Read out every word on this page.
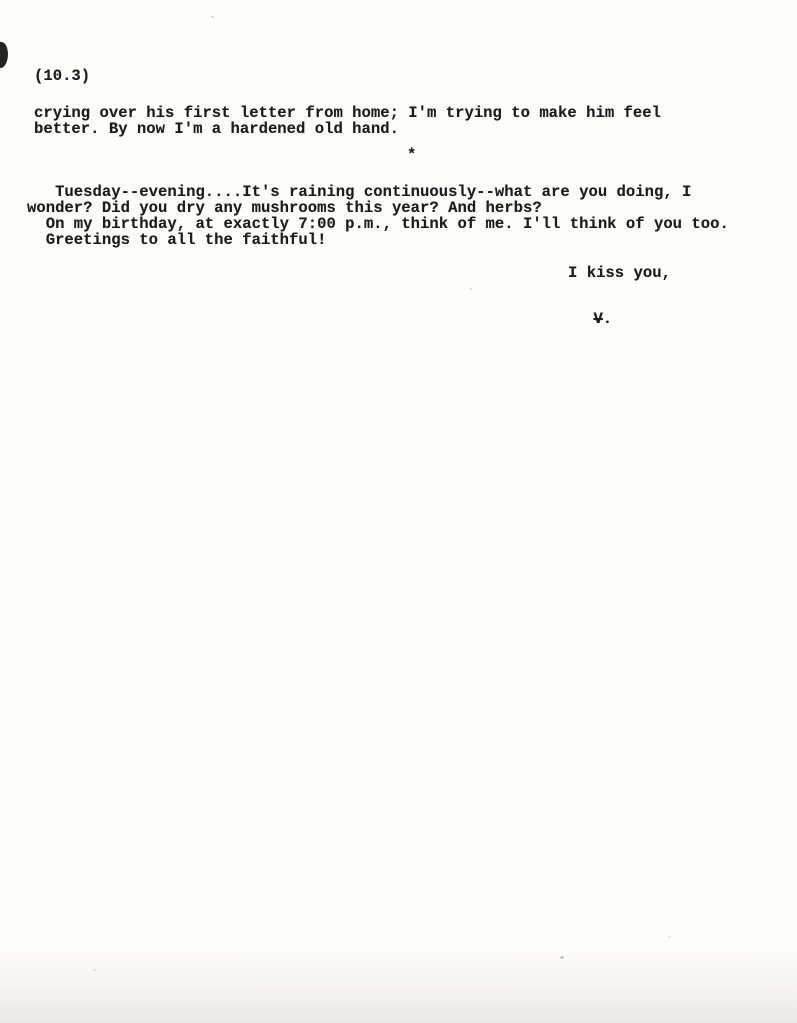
(10.3)
crying over his first letter from home; I'm trying to make him feel
better. By now I'm a hardened old hand.
*
Tuesday--evening....It's raining continuously--what are you doing, I
wonder? Did you dry any mushrooms this year? And herbs?
On my birthday, at exactly 7:00 p.m., think of me. I'll think of you too.
Greetings to all the faithful!
I kiss you,

V.
